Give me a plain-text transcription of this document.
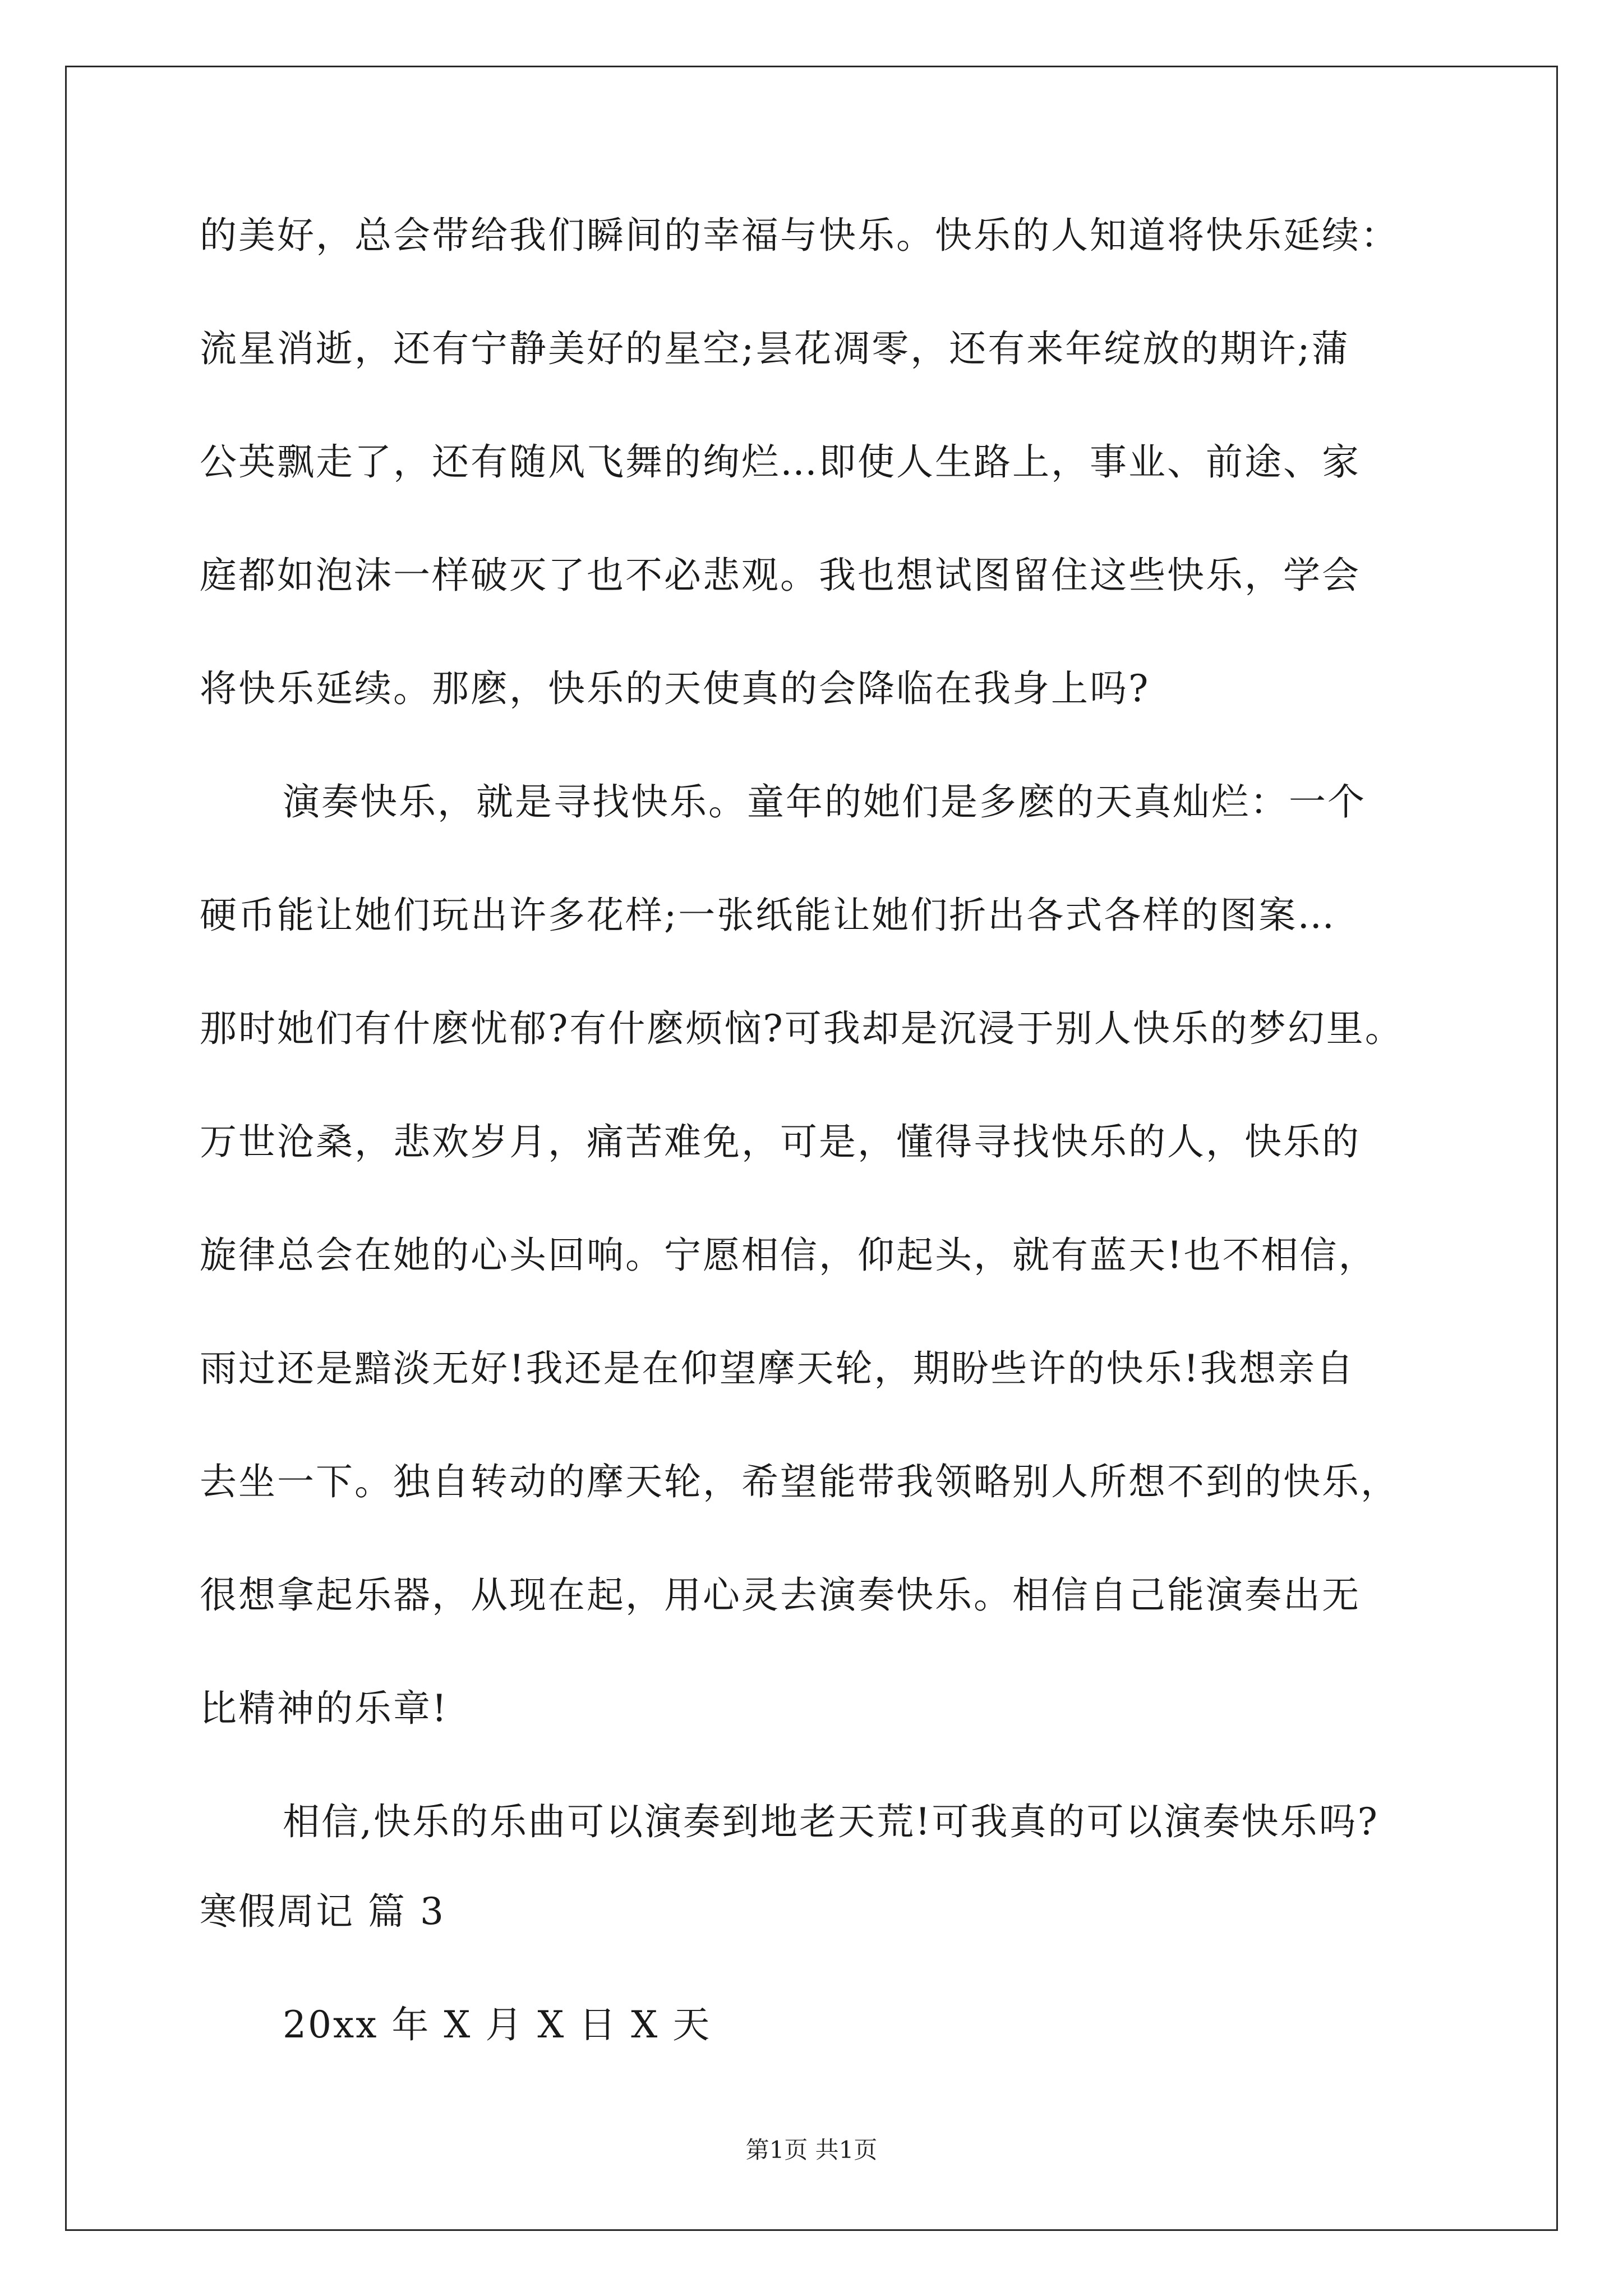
的美好，总会带给我们瞬间的幸福与快乐。快乐的人知道将快乐延续：
流星消逝，还有宁静美好的星空;昙花凋零，还有来年绽放的期许;蒲
公英飘走了，还有随风飞舞的绚烂…即使人生路上，事业、前途、家
庭都如泡沫一样破灭了也不必悲观。我也想试图留住这些快乐，学会
将快乐延续。那麽，快乐的天使真的会降临在我身上吗?
演奏快乐，就是寻找快乐。童年的她们是多麽的天真灿烂：一个
硬币能让她们玩出许多花样;一张纸能让她们折出各式各样的图案…
那时她们有什麽忧郁?有什麽烦恼?可我却是沉浸于别人快乐的梦幻里。
万世沧桑，悲欢岁月，痛苦难免，可是，懂得寻找快乐的人，快乐的
旋律总会在她的心头回响。宁愿相信，仰起头，就有蓝天!也不相信，
雨过还是黯淡无好!我还是在仰望摩天轮，期盼些许的快乐!我想亲自
去坐一下。独自转动的摩天轮，希望能带我领略别人所想不到的快乐，
很想拿起乐器，从现在起，用心灵去演奏快乐。相信自己能演奏出无
比精神的乐章!
相信,快乐的乐曲可以演奏到地老天荒!可我真的可以演奏快乐吗?
寒假周记 篇 3
20xx 年 X 月 X 日 X 天
第1页 共1页
